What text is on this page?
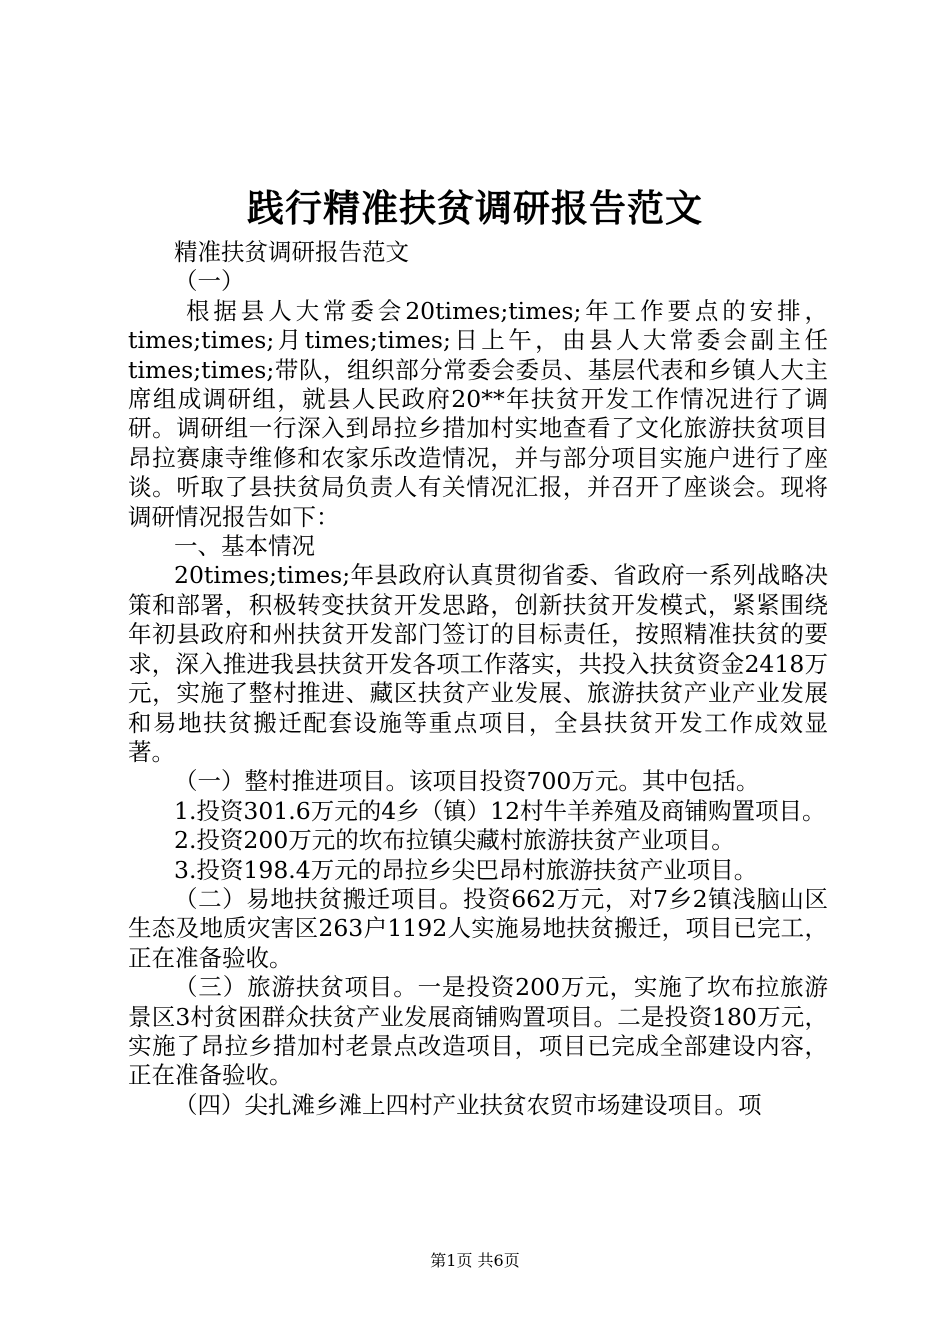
践行精准扶贫调研报告范文

精准扶贫调研报告范文

（一）

根据县人大常委会20times;times;年工作要点的安排，times;times;月times;times;日上午，由县人大常委会副主任times;times;带队，组织部分常委会委员、基层代表和乡镇人大主席组成调研组，就县人民政府20**年扶贫开发工作情况进行了调研。调研组一行深入到昂拉乡措加村实地查看了文化旅游扶贫项目昂拉赛康寺维修和农家乐改造情况，并与部分项目实施户进行了座谈。听取了县扶贫局负责人有关情况汇报，并召开了座谈会。现将调研情况报告如下：

一、基本情况

20times;times;年县政府认真贯彻省委、省政府一系列战略决策和部署，积极转变扶贫开发思路，创新扶贫开发模式，紧紧围绕年初县政府和州扶贫开发部门签订的目标责任，按照精准扶贫的要求，深入推进我县扶贫开发各项工作落实，共投入扶贫资金2418万元，实施了整村推进、藏区扶贫产业发展、旅游扶贫产业产业发展和易地扶贫搬迁配套设施等重点项目，全县扶贫开发工作成效显著。

（一）整村推进项目。该项目投资700万元。其中包括。

1.投资301.6万元的4乡（镇）12村牛羊养殖及商铺购置项目。

2.投资200万元的坎布拉镇尖藏村旅游扶贫产业项目。

3.投资198.4万元的昂拉乡尖巴昂村旅游扶贫产业项目。

（二）易地扶贫搬迁项目。投资662万元，对7乡2镇浅脑山区生态及地质灾害区263户1192人实施易地扶贫搬迁，项目已完工，正在准备验收。

（三）旅游扶贫项目。一是投资200万元，实施了坎布拉旅游景区3村贫困群众扶贫产业发展商铺购置项目。二是投资180万元，实施了昂拉乡措加村老景点改造项目，项目已完成全部建设内容，正在准备验收。

（四）尖扎滩乡滩上四村产业扶贫农贸市场建设项目。项

第1页 共6页
